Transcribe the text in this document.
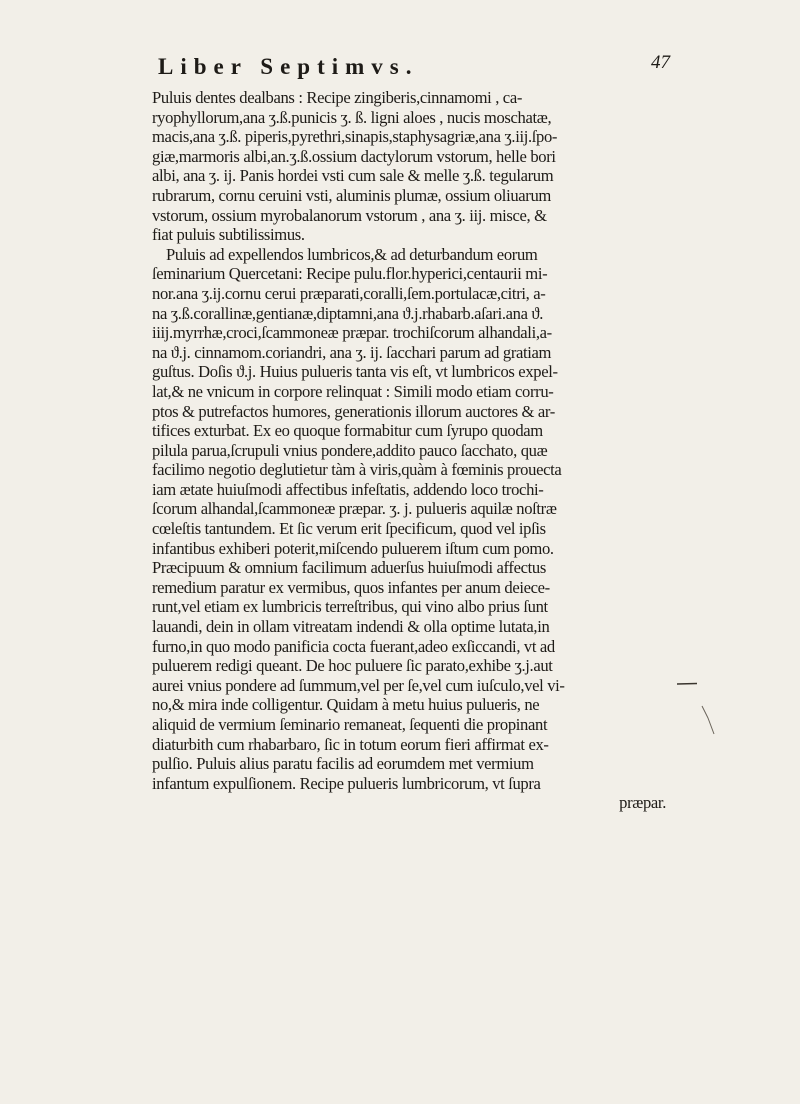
Liber Septimvs.	47
Puluis dentes dealbans : Recipe zingiberis,cinnamomi , ca-
ryophyllorum,ana ʒ.ß.punicis ʒ. ß. ligni aloes , nucis moschatæ,
macis,ana ʒ.ß. piperis,pyrethri,sinapis,staphysagriæ,ana ʒ.iij.ſpo-
giæ,marmoris albi,an.ʒ.ß.ossium dactylorum vstorum, helle bori
albi, ana ʒ. ij. Panis hordei vsti cum sale & melle ʒ.ß. tegularum
rubrarum, cornu ceruini vsti, aluminis plumæ, ossium oliuarum
vstorum, ossium myrobalanorum vstorum , ana ʒ. iij. misce, &
fiat puluis subtilissimus.
Puluis ad expellendos lumbricos,& ad deturbandum eorum
ſeminarium Quercetani: Recipe pulu.flor.hyperici,centaurii mi-
nor.ana ʒ.ij.cornu cerui præparati,coralli,ſem.portulacæ,citri, a-
na ʒ.ß.corallinæ,gentianæ,diptamni,ana ϑ.j.rhabarb.aſari.ana ϑ.
iiij.myrrhæ,croci,ſcammoneæ præpar. trochiſcorum alhandali,a-
na ϑ.j. cinnamom.coriandri, ana ʒ. ij. ſacchari parum ad gratiam
guſtus. Doſis ϑ.j. Huius pulueris tanta vis eſt, vt lumbricos expel-
lat,& ne vnicum in corpore relinquat : Simili modo etiam corru-
ptos & putrefactos humores, generationis illorum auctores & ar-
tifices exturbat. Ex eo quoque formabitur cum ſyrupo quodam
pilula parua,ſcrupuli vnius pondere,addito pauco ſacchato, quæ
facilimo negotio deglutietur tàm à viris,quàm à fœminis prouecta
iam ætate huiuſmodi affectibus infeſtatis, addendo loco trochi-
ſcorum alhandal,ſcammoneæ præpar. ʒ. j. pulueris aquilæ noſtræ
cœleſtis tantundem. Et ſic verum erit ſpecificum, quod vel ipſis
infantibus exhiberi poterit,miſcendo puluerem iſtum cum pomo.
Præcipuum & omnium facilimum aduerſus huiuſmodi affectus
remedium paratur ex vermibus, quos infantes per anum deiece-
runt,vel etiam ex lumbricis terreſtribus, qui vino albo prius ſunt
lauandi, dein in ollam vitreatam indendi & olla optime lutata,in
furno,in quo modo panificia cocta fuerant,adeo exſiccandi, vt ad
puluerem redigi queant. De hoc puluere ſic parato,exhibe ʒ.j.aut
aurei vnius pondere ad ſummum,vel per ſe,vel cum iuſculo,vel vi-
no,& mira inde colligentur. Quidam à metu huius pulueris, ne
aliquid de vermium ſeminario remaneat, ſequenti die propinant
diaturbith cum rhabarbaro, ſic in totum eorum fieri affirmat ex-
pulſio. Puluis alius paratu facilis ad eorumdem met vermium
infantum expulſionem. Recipe pulueris lumbricorum, vt ſupra
præpar.
